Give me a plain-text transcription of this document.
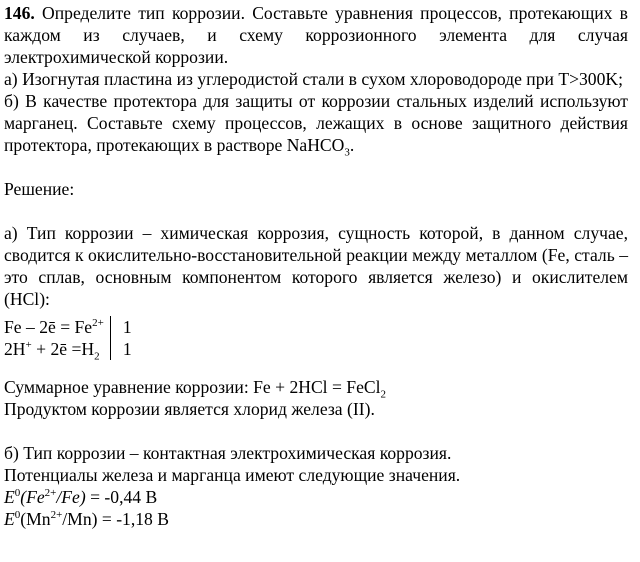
146. Определите тип коррозии. Составьте уравнения процессов, протекающих в каждом из случаев, и схему коррозионного элемента для случая электрохимической коррозии.

а) Изогнутая пластина из углеродистой стали в сухом хлороводороде при T>300K;

б) В качестве протектора для защиты от коррозии стальных изделий используют марганец. Составьте схему процессов, лежащих в основе защитного действия протектора, протекающих в растворе NaHCO$_3$.

Решение:

а) Тип коррозии – химическая коррозия, сущность которой, в данном случае, сводится к окислительно-восстановительной реакции между металлом (Fe, сталь – это сплав, основным компонентом которого является железо) и окислителем (HCl):

Fe – 2ē = $Fe^{2+}$	1
2H+ + 2ē $=H_2$	1

Суммарное уравнение коррозии: Fe + 2HCl = FeCl$_2$

Продуктом коррозии является хлорид железа (II).

б) Тип коррозии – контактная электрохимическая коррозия.

Потенциалы железа и марганца имеют следующие значения.

$E^0(Fe^{2+}/Fe) = -0,44$ В

$E^0(Mn^{2+}/Mn) = -1,18$ В
